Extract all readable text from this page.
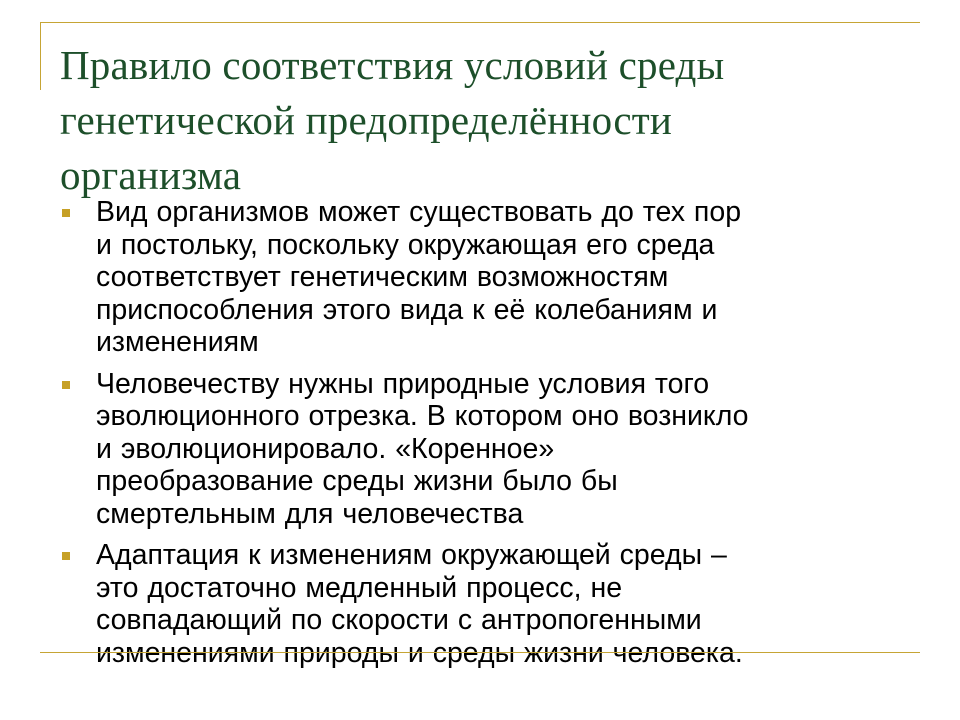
Правило соответствия условий среды
генетической предопределённости
организма
Вид организмов может существовать до тех пор
и постольку, поскольку окружающая его среда
соответствует генетическим возможностям
приспособления этого вида к её колебаниям и
изменениям
Человечеству нужны природные условия того
эволюционного отрезка. В котором оно возникло
и эволюционировало. «Коренное»
преобразование среды жизни было бы
смертельным для человечества
Адаптация к изменениям окружающей среды –
это достаточно медленный процесс, не
совпадающий по скорости с антропогенными
изменениями природы и среды жизни человека.
